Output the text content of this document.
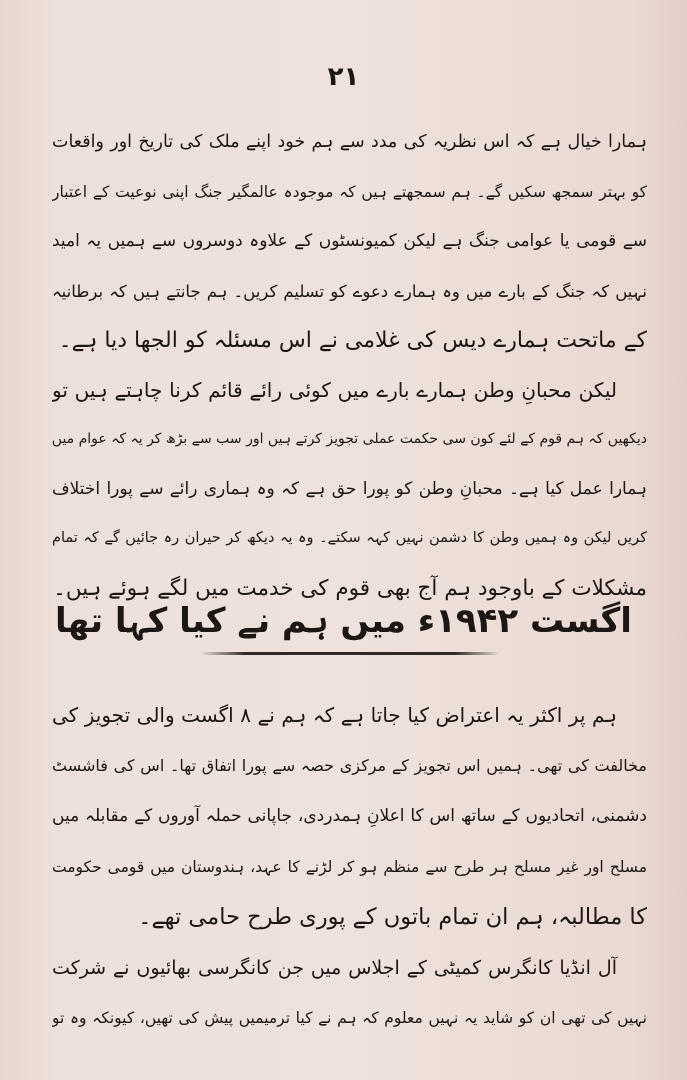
۲۱
ہمارا خیال ہے کہ اس نظریہ کی مدد سے ہم خود اپنے ملک کی تاریخ اور واقعات
کو بہتر سمجھ سکیں گے۔ ہم سمجھتے ہیں کہ موجودہ عالمگیر جنگ اپنی نوعیت کے اعتبار
سے قومی یا عوامی جنگ ہے لیکن کمیونسٹوں کے علاوہ دوسروں سے ہمیں یہ امید
نہیں کہ جنگ کے بارے میں وہ ہمارے دعوے کو تسلیم کریں۔ ہم جانتے ہیں کہ برطانیہ
کے ماتحت ہمارے دیس کی غلامی نے اس مسئلہ کو الجھا دیا ہے۔
لیکن محبانِ وطن ہمارے بارے میں کوئی رائے قائم کرنا چاہتے ہیں تو
دیکھیں کہ ہم قوم کے لئے کون سی حکمت عملی تجویز کرتے ہیں اور سب سے بڑھ کر یہ کہ عوام میں
ہمارا عمل کیا ہے۔ محبانِ وطن کو پورا حق ہے کہ وہ ہماری رائے سے پورا اختلاف
کریں لیکن وہ ہمیں وطن کا دشمن نہیں کہہ سکتے۔ وہ یہ دیکھ کر حیران رہ جائیں گے کہ تمام
مشکلات کے باوجود ہم آج بھی قوم کی خدمت میں لگے ہوئے ہیں۔
اگست ۱۹۴۲ء میں ہم نے کیا کہا تھا
ہم پر اکثر یہ اعتراض کیا جاتا ہے کہ ہم نے ۸ اگست والی تجویز کی
مخالفت کی تھی۔ ہمیں اس تجویز کے مرکزی حصہ سے پورا اتفاق تھا۔ اس کی فاشسٹ
دشمنی، اتحادیوں کے ساتھ اس کا اعلانِ ہمدردی، جاپانی حملہ آوروں کے مقابلہ میں
مسلح اور غیر مسلح ہر طرح سے منظم ہو کر لڑنے کا عہد، ہندوستان میں قومی حکومت
کا مطالبہ، ہم ان تمام باتوں کے پوری طرح حامی تھے۔
آل انڈیا کانگرس کمیٹی کے اجلاس میں جن کانگرسی بھائیوں نے شرکت
نہیں کی تھی ان کو شاید یہ نہیں معلوم کہ ہم نے کیا ترمیمیں پیش کی تھیں، کیونکہ وہ تو
